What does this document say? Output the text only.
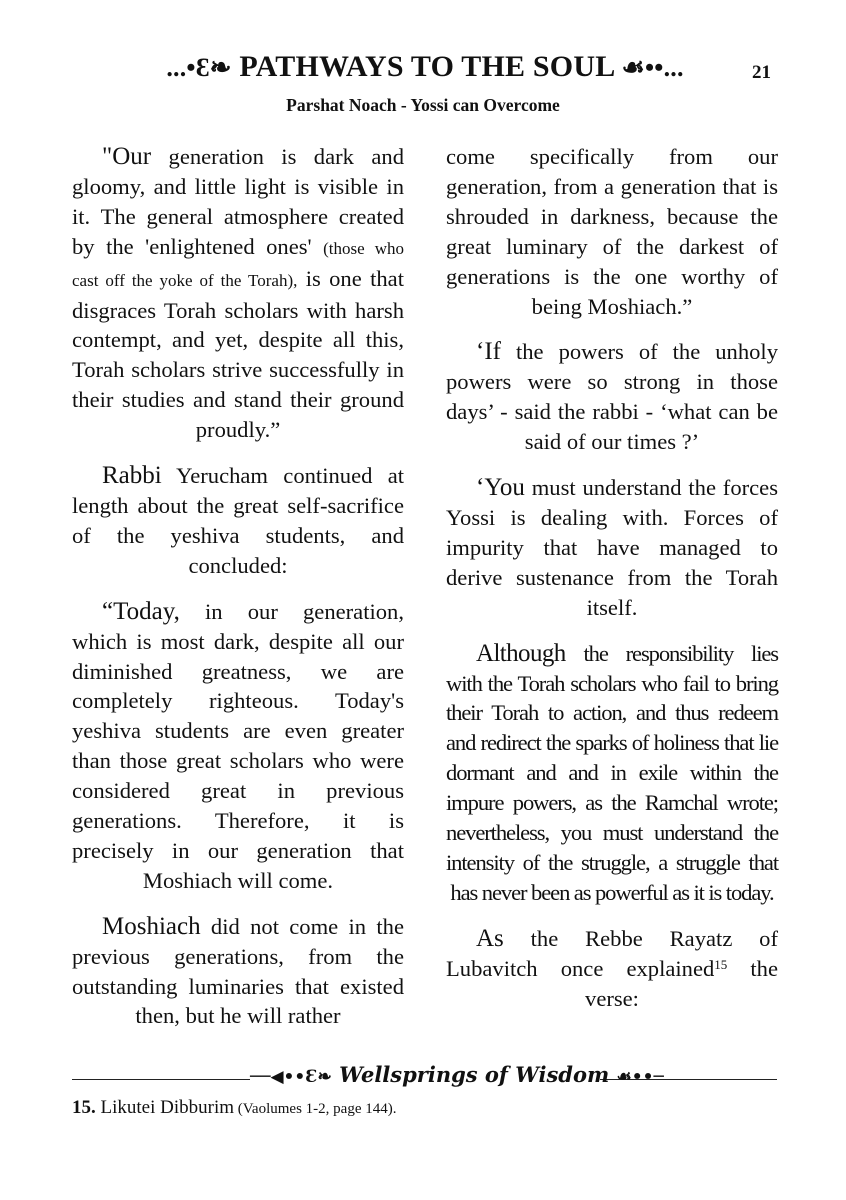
...•Ɛ❧ PATHWAYS TO THE SOUL ☙••...	21
Parshat Noach - Yossi can Overcome

"Our generation is dark and gloomy, and little light is visible in it. The general atmosphere created by the 'enlightened ones' (those who cast off the yoke of the Torah), is one that disgraces Torah scholars with harsh contempt, and yet, despite all this, Torah scholars strive successfully in their studies and stand their ground proudly.”

Rabbi Yerucham continued at length about the great self-sacrifice of the yeshiva students, and concluded:

“Today, in our generation, which is most dark, despite all our diminished greatness, we are completely righteous. Today's yeshiva students are even greater than those great scholars who were considered great in previous generations. Therefore, it is precisely in our generation that Moshiach will come.

Moshiach did not come in the previous generations, from the outstanding luminaries that existed then, but he will rather

come specifically from our generation, from a generation that is shrouded in darkness, because the great luminary of the darkest of generations is the one worthy of being Moshiach.”

‘If the powers of the unholy powers were so strong in those days’ - said the rabbi - ‘what can be said of our times ?’

‘You must understand the forces Yossi is dealing with. Forces of impurity that have managed to derive sustenance from the Torah itself.

Although the responsibility lies with the Torah scholars who fail to bring their Torah to action, and thus redeem and redirect the sparks of holiness that lie dormant and and in exile within the impure powers, as the Ramchal wrote; nevertheless, you must understand the intensity of the struggle, a struggle that has never been as powerful as it is today.

As the Rebbe Rayatz of Lubavitch once explained$^{15}$ the verse:

──◀••Ɛ❧ Wellsprings of Wisdom ☙••─
15. Likutei Dibburim (Vaolumes 1-2, page 144).
